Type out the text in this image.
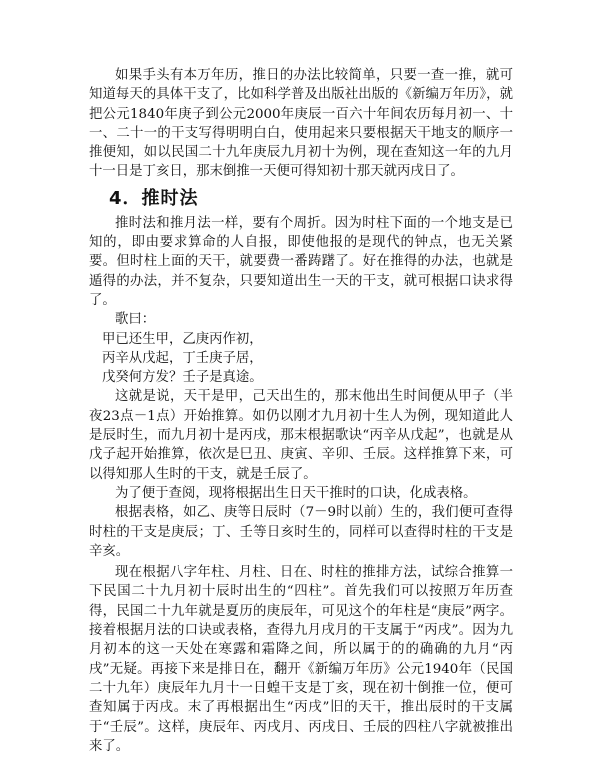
如果手头有本万年历，推日的办法比较简单，只要一查一推，就可知道每天的具体干支了，比如科学普及出版社出版的《新编万年历》，就把公元1840年庚子到公元2000年庚辰一百六十年间农历每月初一、十一、二十一的干支写得明明白白，使用起来只要根据天干地支的顺序一推便知，如以民国二十九年庚辰九月初十为例，现在查知这一年的九月十一日是丁亥日，那末倒推一天便可得知初十那天就丙戌日了。

4．推时法

推时法和推月法一样，要有个周折。因为时柱下面的一个地支是已知的，即由要求算命的人自报，即使他报的是现代的钟点，也无关紧要。但时柱上面的天干，就要费一番踌躇了。好在推得的办法，也就是遁得的办法，并不复杂，只要知道出生一天的干支，就可根据口诀求得了。

歌曰：

甲已还生甲，乙庚丙作初，

丙辛从戊起，丁壬庚子居，

戊癸何方发？壬子是真途。

这就是说，天干是甲，己天出生的，那末他出生时间便从甲子（半夜23点－1点）开始推算。如仍以刚才九月初十生人为例，现知道此人是辰时生，而九月初十是丙戌，那末根据歌诀“丙辛从戊起”，也就是从戊子起开始推算，依次是巳丑、庚寅、辛卯、壬辰。这样推算下来，可以得知那人生时的干支，就是壬辰了。

为了便于查阅，现将根据出生日天干推时的口诀，化成表格。

根据表格，如乙、庚等日辰时（7－9时以前）生的，我们便可查得时柱的干支是庚辰；丁、壬等日亥时生的，同样可以查得时柱的干支是辛亥。

现在根据八字年柱、月柱、日在、时柱的推排方法，试综合推算一下民国二十九月初十辰时出生的“四柱”。首先我们可以按照万年历查得，民国二十九年就是夏历的庚辰年，可见这个的年柱是“庚辰”两字。接着根据月法的口诀或表格，查得九月戌月的干支属于“丙戌”。因为九月初本的这一天处在寒露和霜降之间，所以属于的的确确的九月“丙戌”无疑。再接下来是排日在，翻开《新编万年历》公元1940年（民国二十九年）庚辰年九月十一日蝗干支是丁亥，现在初十倒推一位，便可查知属于丙戌。末了再根据出生“丙戌”旧的天干，推出辰时的干支属于“壬辰”。这样，庚辰年、丙戌月、丙戌日、壬辰的四柱八字就被推出来了。
